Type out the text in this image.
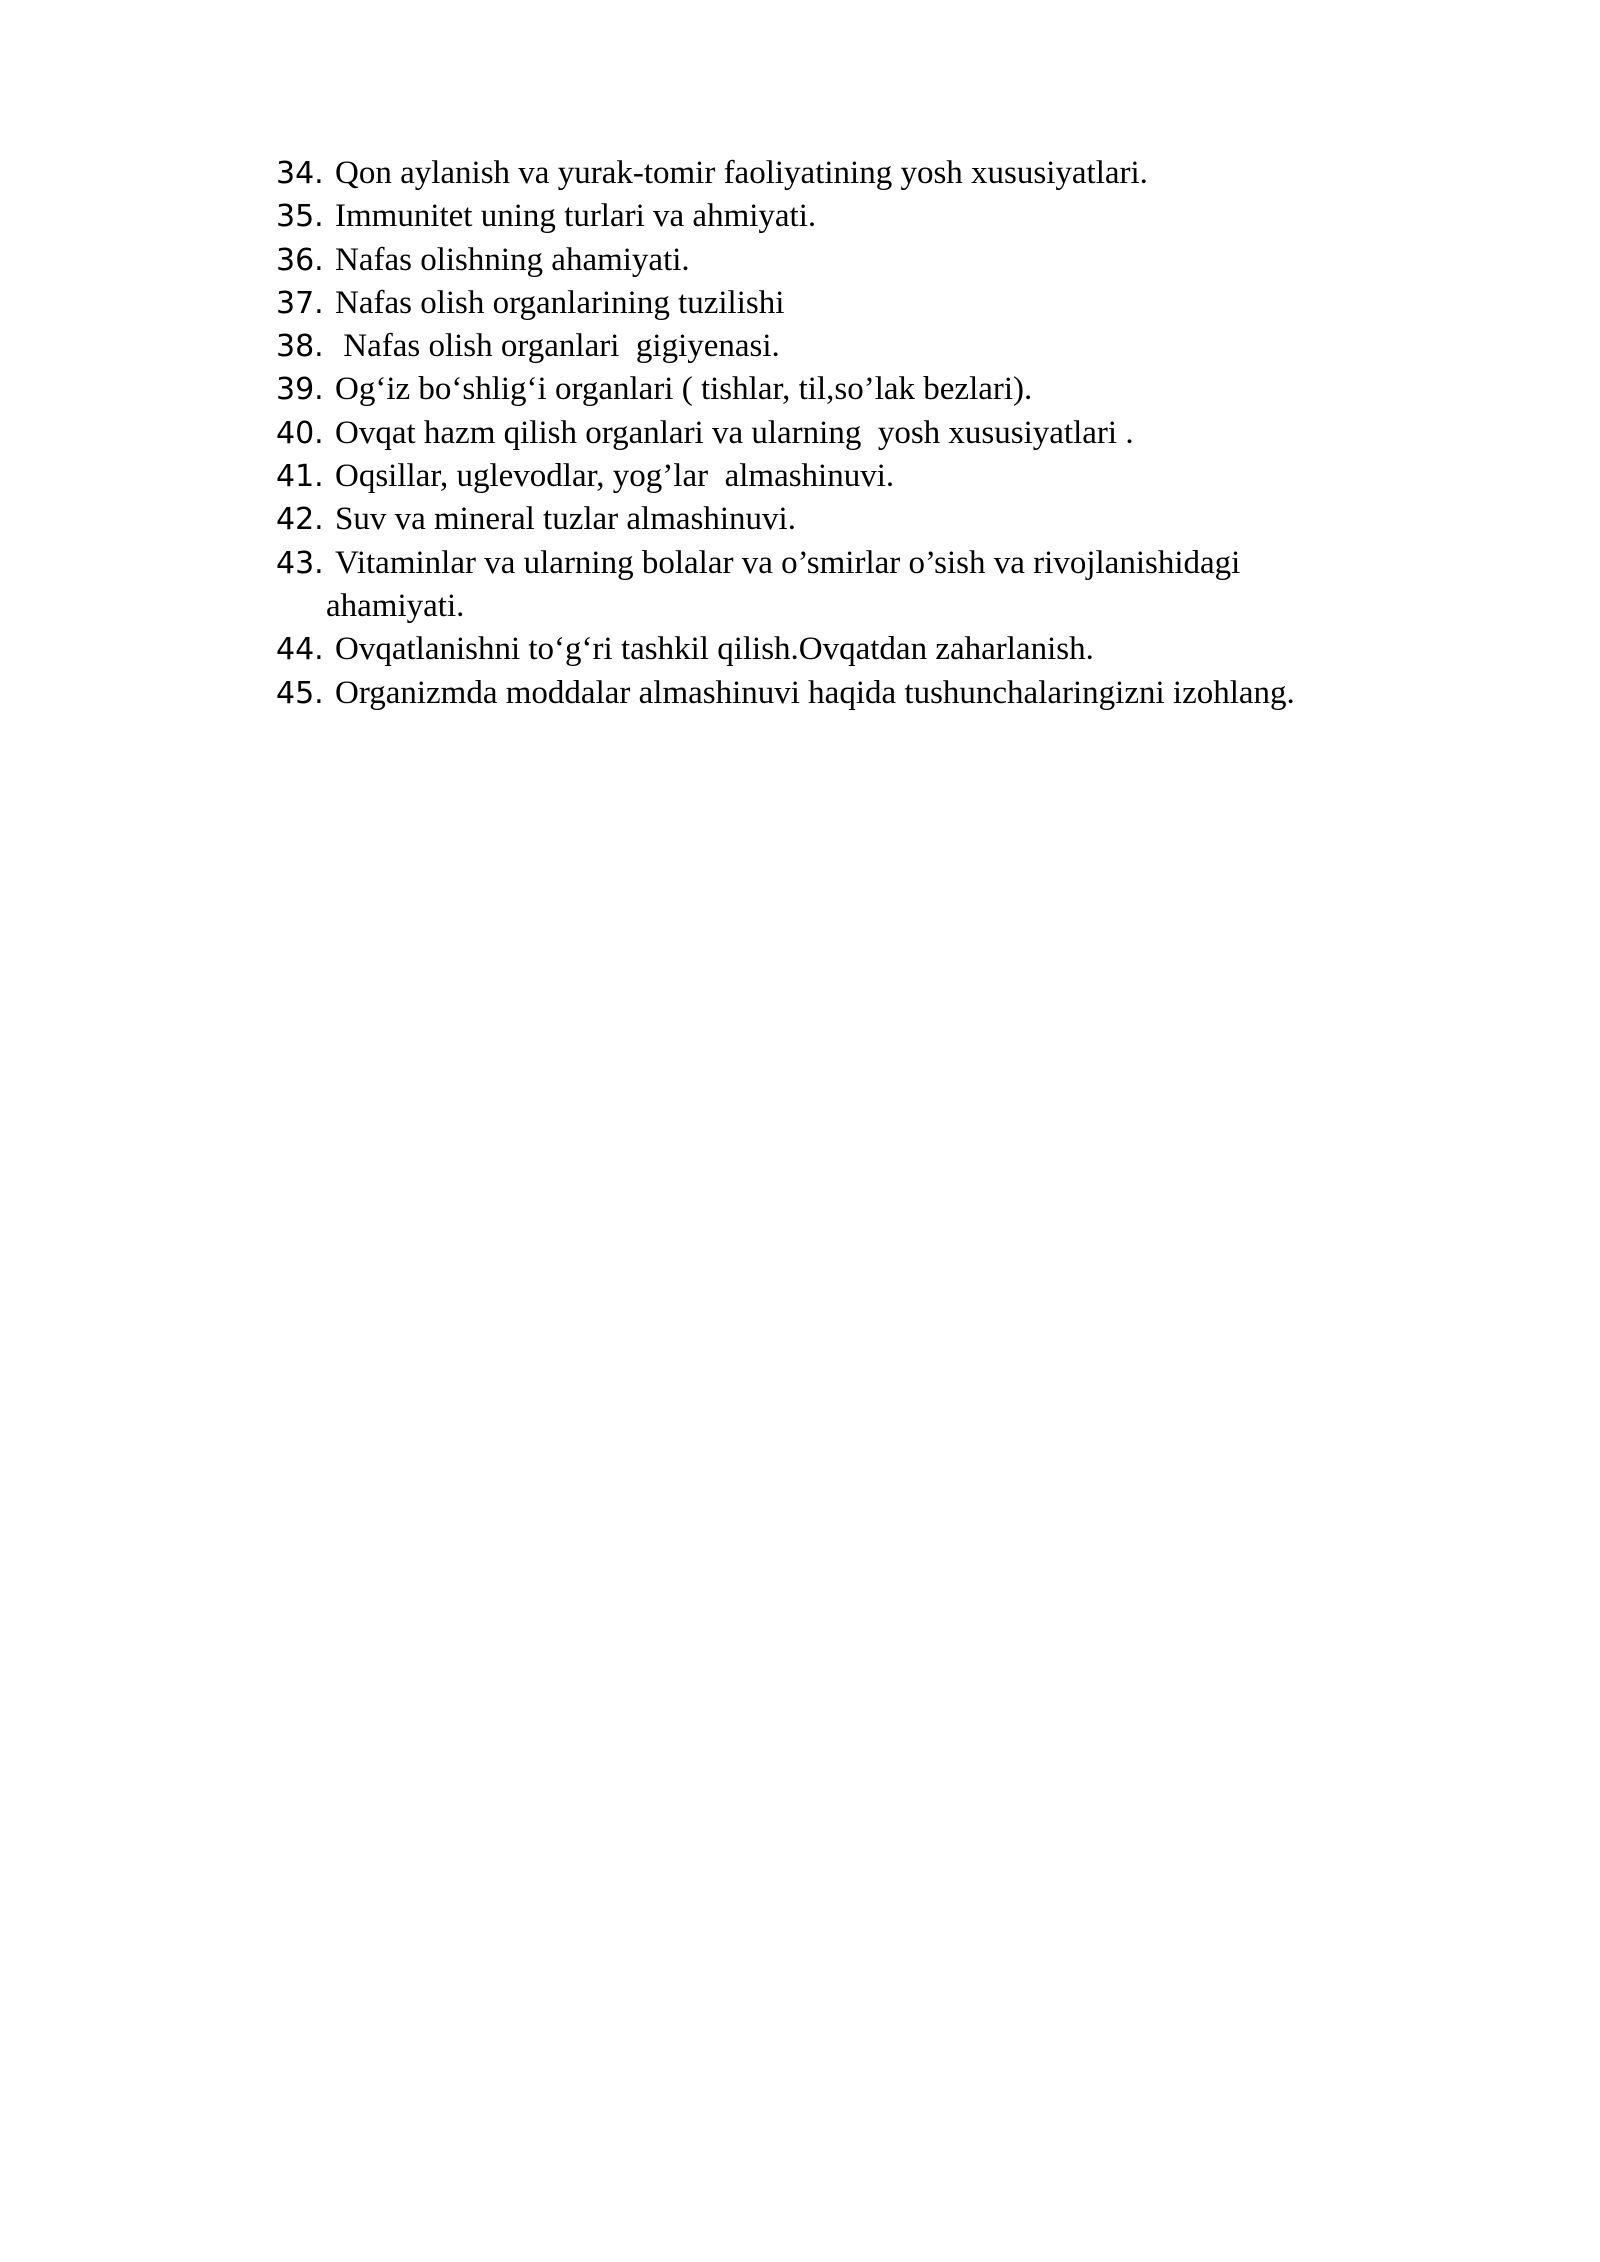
34. Qon aylanish va yurak-tomir faoliyatining yosh xususiyatlari.
35. Immunitet uning turlari va ahmiyati.
36. Nafas olishning ahamiyati.
37. Nafas olish organlarining tuzilishi
38. Nafas olish organlari  gigiyenasi.
39. Og‘iz bo‘shlig‘i organlari ( tishlar, til,so’lak bezlari).
40. Ovqat hazm qilish organlari va ularning  yosh xususiyatlari .
41. Oqsillar, uglevodlar, yog’lar  almashinuvi.
42. Suv va mineral tuzlar almashinuvi.
43. Vitaminlar va ularning bolalar va o’smirlar o’sish va rivojlanishidagi
ahamiyati.
44. Ovqatlanishni to‘g‘ri tashkil qilish.Ovqatdan zaharlanish.
45. Organizmda moddalar almashinuvi haqida tushunchalaringizni izohlang.
